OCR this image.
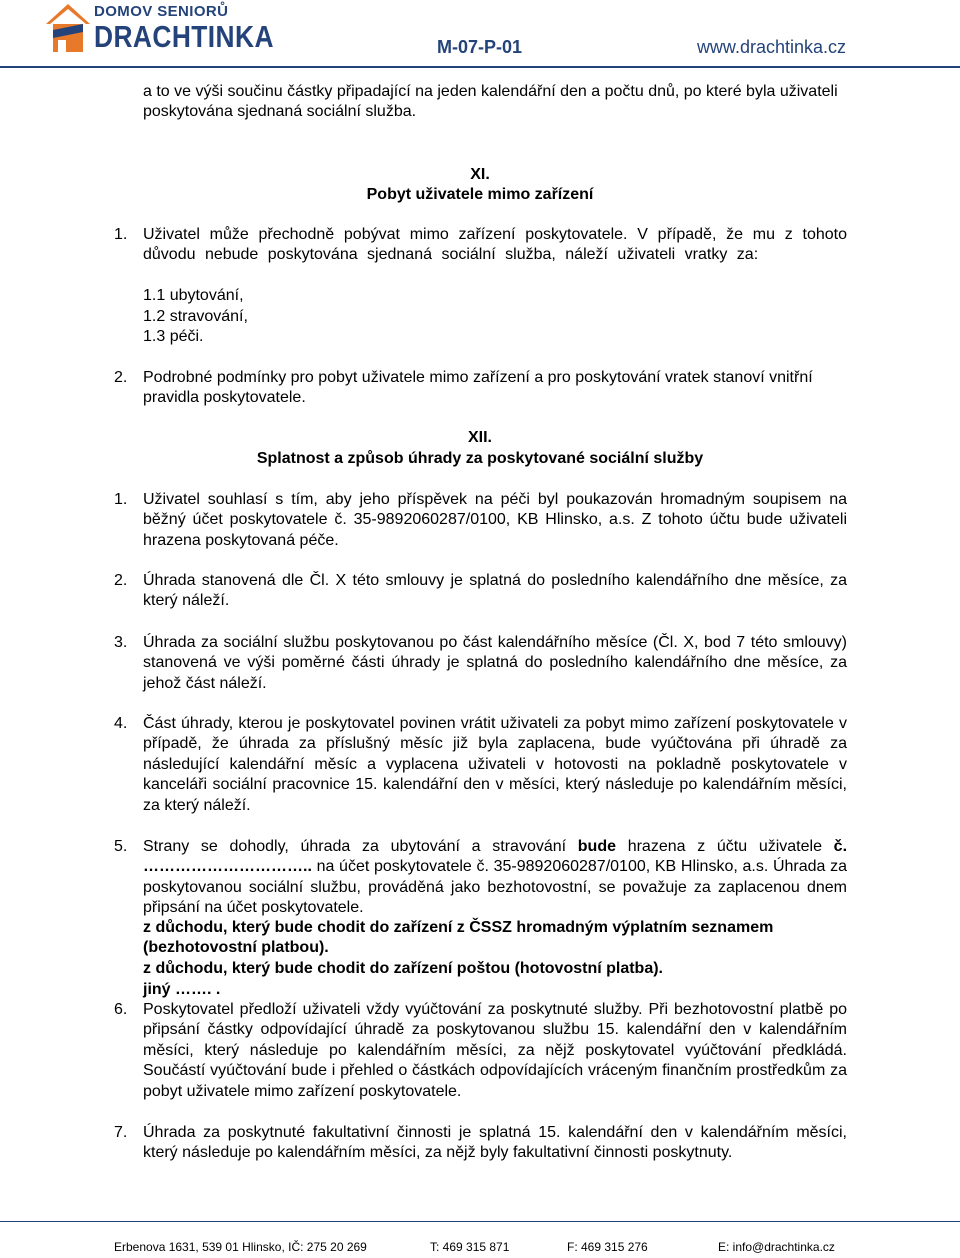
DOMOV SENIORŮ
DRACHTINKA	M-07-P-01	www.drachtinka.cz

a to ve výši součinu částky připadající na jeden kalendářní den a počtu dnů, po které byla uživateli poskytována sjednaná sociální služba.

XI.
Pobyt uživatele mimo zařízení
1. Uživatel může přechodně pobývat mimo zařízení poskytovatele. V případě, že mu z tohoto důvodu nebude poskytována sjednaná sociální služba, náleží uživateli vratky za:

1.1 ubytování,
1.2 stravování,
1.3 péči.
2. Podrobné podmínky pro pobyt uživatele mimo zařízení a pro poskytování vratek stanoví vnitřní pravidla poskytovatele.

XII.
Splatnost a způsob úhrady za poskytované sociální služby
1. Uživatel souhlasí s tím, aby jeho příspěvek na péči byl poukazován hromadným soupisem na běžný účet poskytovatele č. 35-9892060287/0100, KB Hlinsko, a.s. Z tohoto účtu bude uživateli hrazena poskytovaná péče.

2. Úhrada stanovená dle Čl. X této smlouvy je splatná do posledního kalendářního dne měsíce, za který náleží.

3. Úhrada za sociální službu poskytovanou po část kalendářního měsíce (Čl. X, bod 7 této smlouvy) stanovená ve výši poměrné části úhrady je splatná do posledního kalendářního dne měsíce, za jehož část náleží.

4. Část úhrady, kterou je poskytovatel povinen vrátit uživateli za pobyt mimo zařízení poskytovatele v případě, že úhrada za příslušný měsíc již byla zaplacena, bude vyúčtována při úhradě za následující kalendářní měsíc a vyplacena uživateli v hotovosti na pokladně poskytovatele v kanceláři sociální pracovnice 15. kalendářní den v měsíci, který následuje po kalendářním měsíci, za který náleží.

5. Strany se dohodly, úhrada za ubytování a stravování bude hrazena z účtu uživatele č. ………………………….. na účet poskytovatele č. 35-9892060287/0100, KB Hlinsko, a.s. Úhrada za poskytovanou sociální službu, prováděná jako bezhotovostní, se považuje za zaplacenou dnem připsání na účet poskytovatele.

z důchodu, který bude chodit do zařízení z ČSSZ hromadným výplatním seznamem (bezhotovostní platbou).

z důchodu, který bude chodit do zařízení poštou (hotovostní platba).

jiný ……. .

6. Poskytovatel předloží uživateli vždy vyúčtování za poskytnuté služby. Při bezhotovostní platbě po připsání částky odpovídající úhradě za poskytovanou službu 15. kalendářní den v kalendářním měsíci, který následuje po kalendářním měsíci, za nějž poskytovatel vyúčtování předkládá. Součástí vyúčtování bude i přehled o částkách odpovídajících vráceným finančním prostředkům za pobyt uživatele mimo zařízení poskytovatele.

7. Úhrada za poskytnuté fakultativní činnosti je splatná 15. kalendářní den v kalendářním měsíci, který následuje po kalendářním měsíci, za nějž byly fakultativní činnosti poskytnuty.

Erbenova 1631, 539 01 Hlinsko, IČ: 275 20 269	T: 469 315 871	F: 469 315 276	E: info@drachtinka.cz
